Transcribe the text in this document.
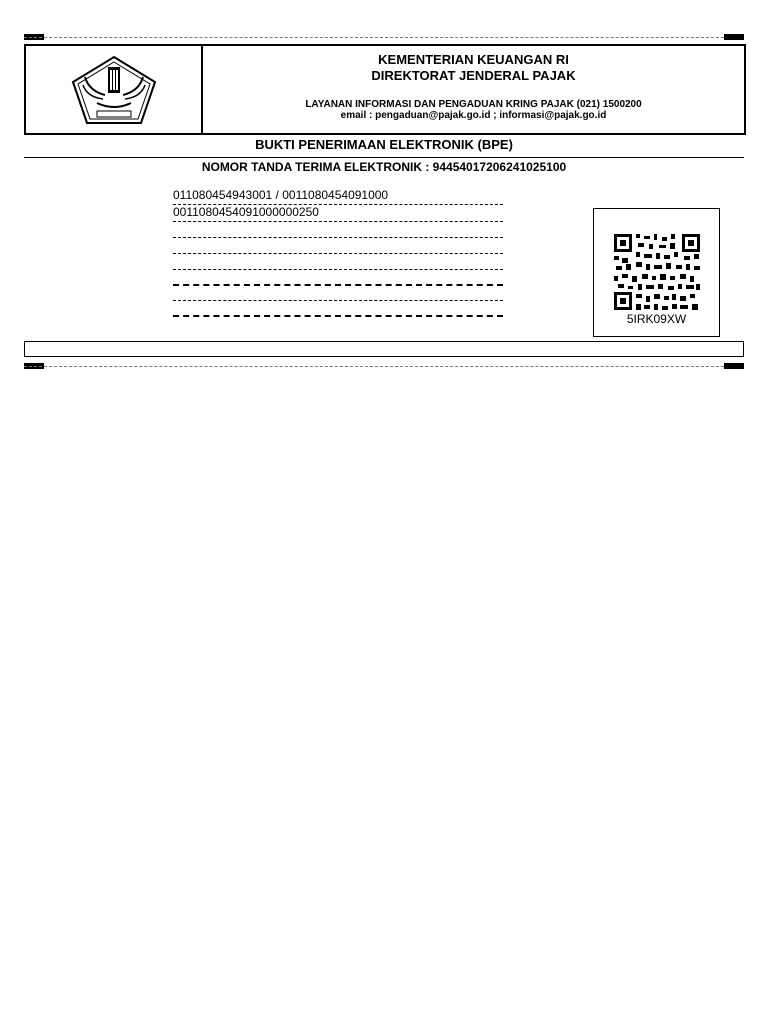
KEMENTERIAN KEUANGAN RI
DIREKTORAT JENDERAL PAJAK
LAYANAN INFORMASI DAN PENGADUAN KRING PAJAK (021) 1500200
email : pengaduan@pajak.go.id ; informasi@pajak.go.id
BUKTI PENERIMAAN ELEKTRONIK (BPE)
NOMOR TANDA TERIMA ELEKTRONIK : 94454017206241025100
011080454943001 / 0011080454091000
0011080454091000000250
5IRK09XW
